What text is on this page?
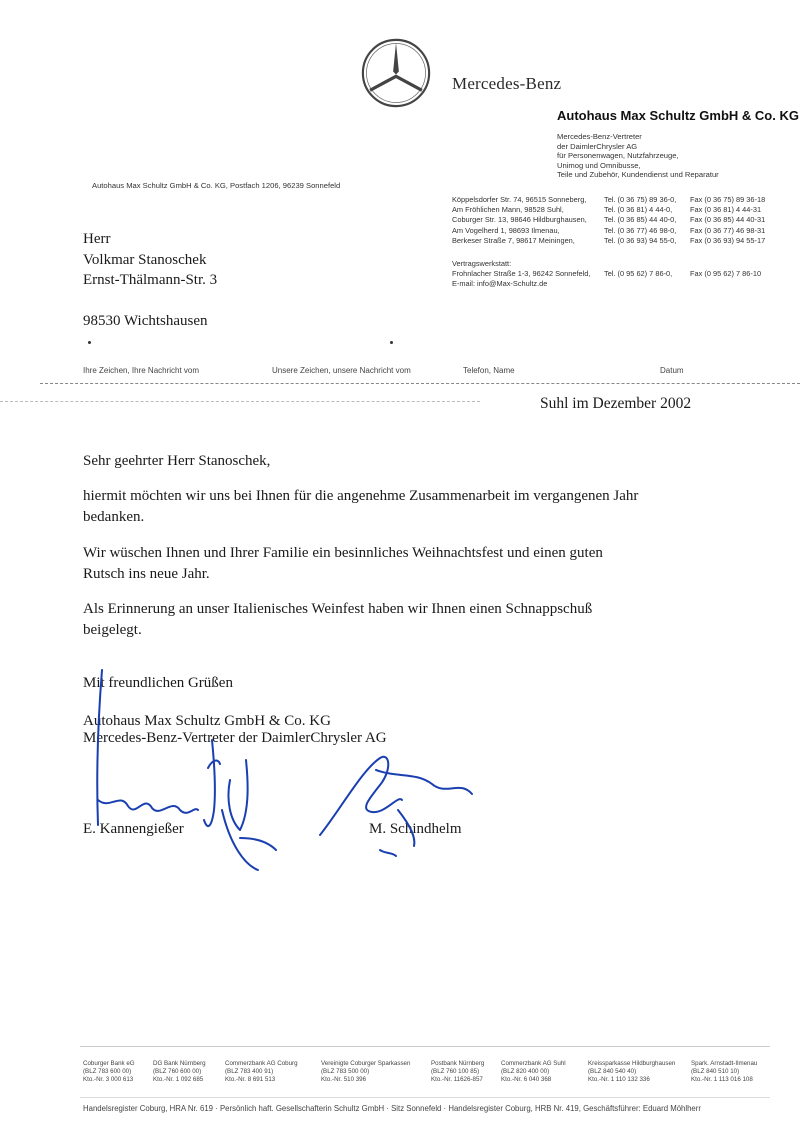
Mercedes-Benz
Autohaus Max Schultz GmbH & Co. KG
Mercedes-Benz-Vertreter
der DaimlerChrysler AG
für Personenwagen, Nutzfahrzeuge,
Unimog und Omnibusse,
Teile und Zubehör, Kundendienst und Reparatur
Autohaus Max Schultz GmbH & Co. KG, Postfach 1206, 96239 Sonnefeld
Köppelsdorfer Str. 74, 96515 Sonneberg,	Tel. (0 36 75) 89 36-0,	Fax (0 36 75) 89 36-18
Am Fröhlichen Mann, 98528 Suhl,	Tel. (0 36 81) 4 44-0,	Fax (0 36 81) 4 44-31
Coburger Str. 13, 98646 Hildburghausen,	Tel. (0 36 85) 44 40-0,	Fax (0 36 85) 44 40-31
Am Vogelherd 1, 98693 Ilmenau,	Tel. (0 36 77) 46 98-0,	Fax (0 36 77) 46 98-31
Berkeser Straße 7, 98617 Meiningen,	Tel. (0 36 93) 94 55-0,	Fax (0 36 93) 94 55-17
Vertragswerkstatt:
Frohnlacher Straße 1-3, 96242 Sonnefeld,	Tel. (0 95 62) 7 86-0,	Fax (0 95 62) 7 86-10
E-mail: info@Max-Schultz.de
Herr
Volkmar Stanoschek
Ernst-Thälmann-Str. 3
98530 Wichtshausen
Ihre Zeichen, Ihre Nachricht vom	Unsere Zeichen, unsere Nachricht vom	Telefon, Name	Datum
Suhl im Dezember 2002
Sehr geehrter Herr Stanoschek,
hiermit möchten wir uns bei Ihnen für die angenehme Zusammenarbeit im vergangenen Jahr
bedanken.
Wir wüschen Ihnen und Ihrer Familie ein besinnliches Weihnachtsfest und einen guten
Rutsch ins neue Jahr.
Als Erinnerung an unser Italienisches Weinfest haben wir Ihnen einen Schnappschuß
beigelegt.
Mit freundlichen Grüßen
Autohaus Max Schultz GmbH & Co. KG
Mercedes-Benz-Vertreter der DaimlerChrysler AG
E. Kannengießer	M. Schindhelm
Coburger Bank eG
(BLZ 783 600 00)
Kto.-Nr. 3 000 613
DG Bank Nürnberg
(BLZ 760 600 00)
Kto.-Nr. 1 092 685
Commerzbank AG Coburg
(BLZ 783 400 91)
Kto.-Nr. 8 691 513
Vereinigte Coburger Sparkassen
(BLZ 783 500 00)
Kto.-Nr. 510 396
Postbank Nürnberg
(BLZ 760 100 85)
Kto.-Nr. 11626-857
Commerzbank AG Suhl
(BLZ 820 400 00)
Kto.-Nr. 6 040 368
Kreissparkasse Hildburghausen
(BLZ 840 540 40)
Kto.-Nr. 1 110 132 336
Spark. Arnstadt-Ilmenau
(BLZ 840 510 10)
Kto.-Nr. 1 113 016 108
Handelsregister Coburg, HRA Nr. 619 · Persönlich haft. Gesellschafterin Schultz GmbH · Sitz Sonnefeld · Handelsregister Coburg, HRB Nr. 419, Geschäftsführer: Eduard Möhlherr
